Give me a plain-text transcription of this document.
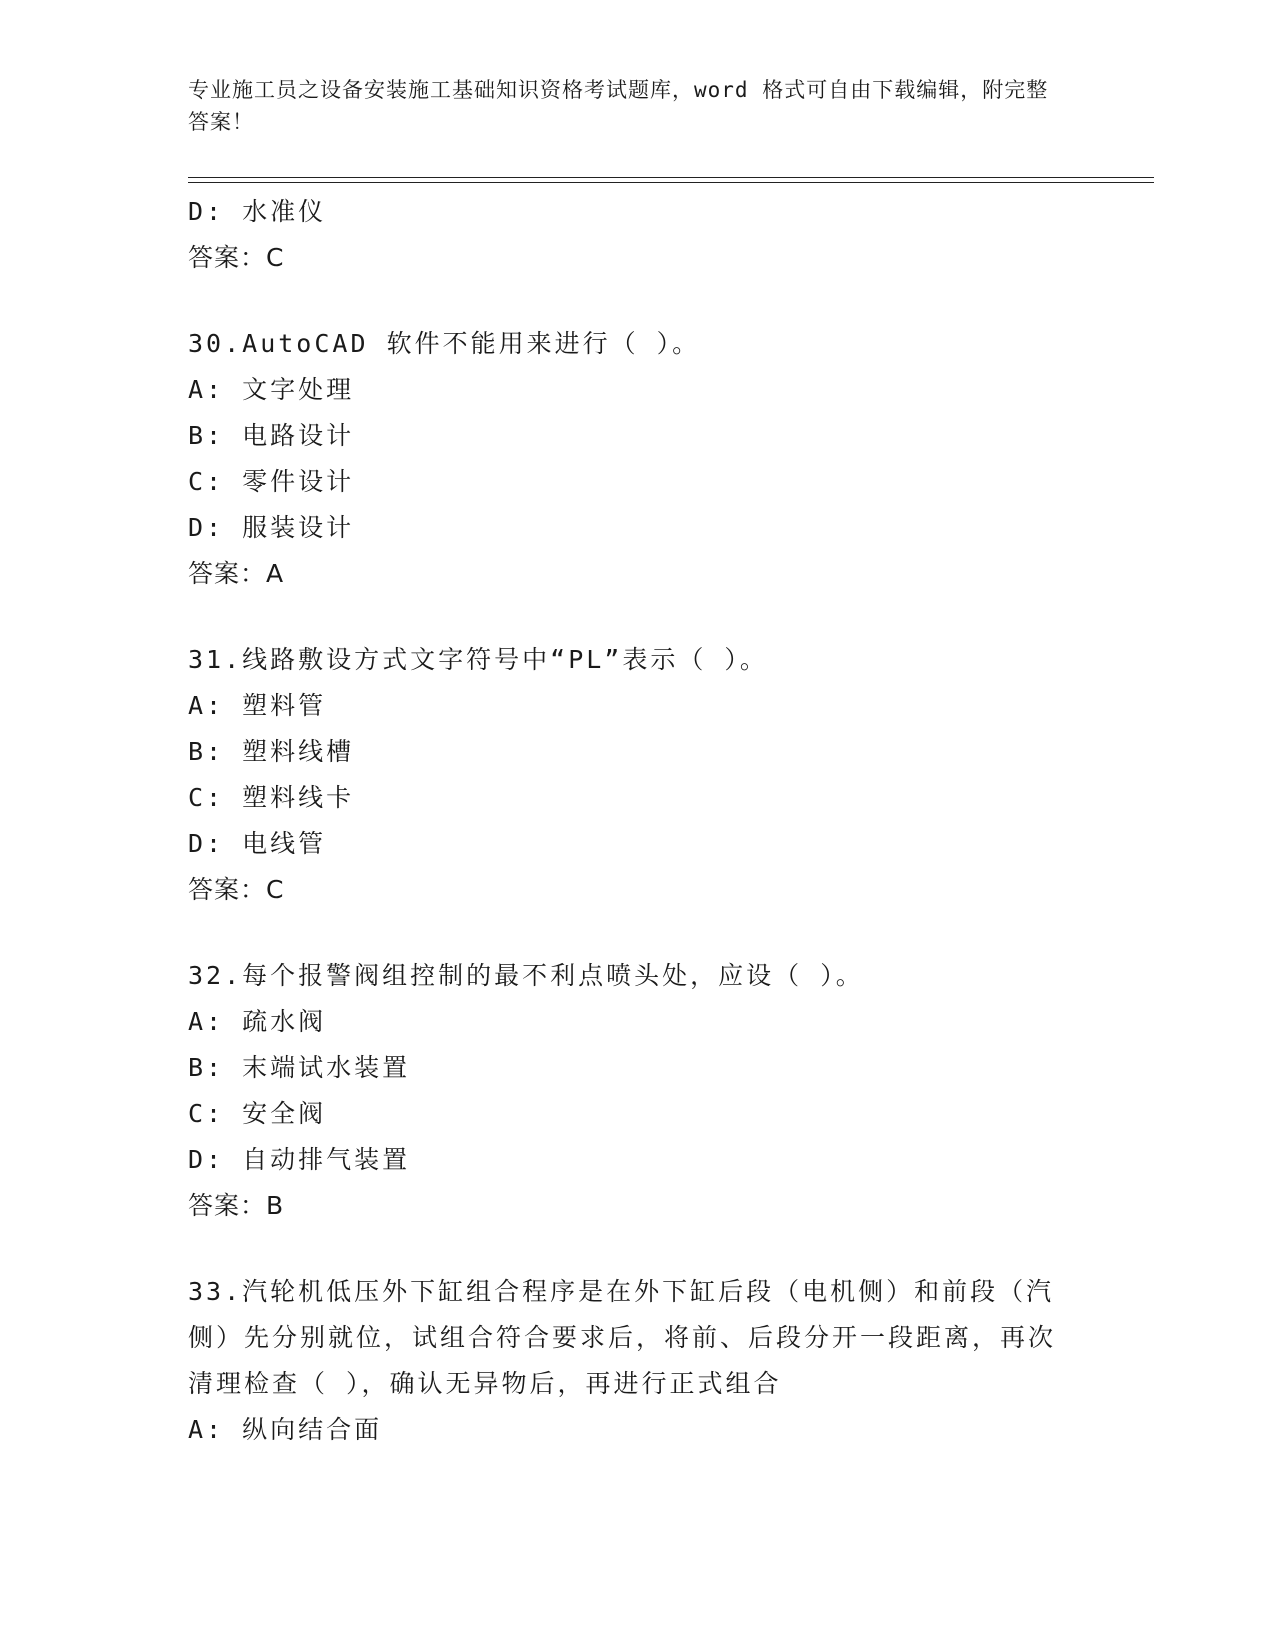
专业施工员之设备安装施工基础知识资格考试题库，word 格式可自由下载编辑，附完整答案！
D: 水准仪
答案：C
30.AutoCAD 软件不能用来进行（ ）。
A: 文字处理
B: 电路设计
C: 零件设计
D: 服装设计
答案：A
31.线路敷设方式文字符号中“PL”表示（ ）。
A: 塑料管
B: 塑料线槽
C: 塑料线卡
D: 电线管
答案：C
32.每个报警阀组控制的最不利点喷头处，应设（ ）。
A: 疏水阀
B: 末端试水装置
C: 安全阀
D: 自动排气装置
答案：B
33.汽轮机低压外下缸组合程序是在外下缸后段（电机侧）和前段（汽侧）先分别就位，试组合符合要求后，将前、后段分开一段距离，再次清理检查（ ），确认无异物后，再进行正式组合
A: 纵向结合面
